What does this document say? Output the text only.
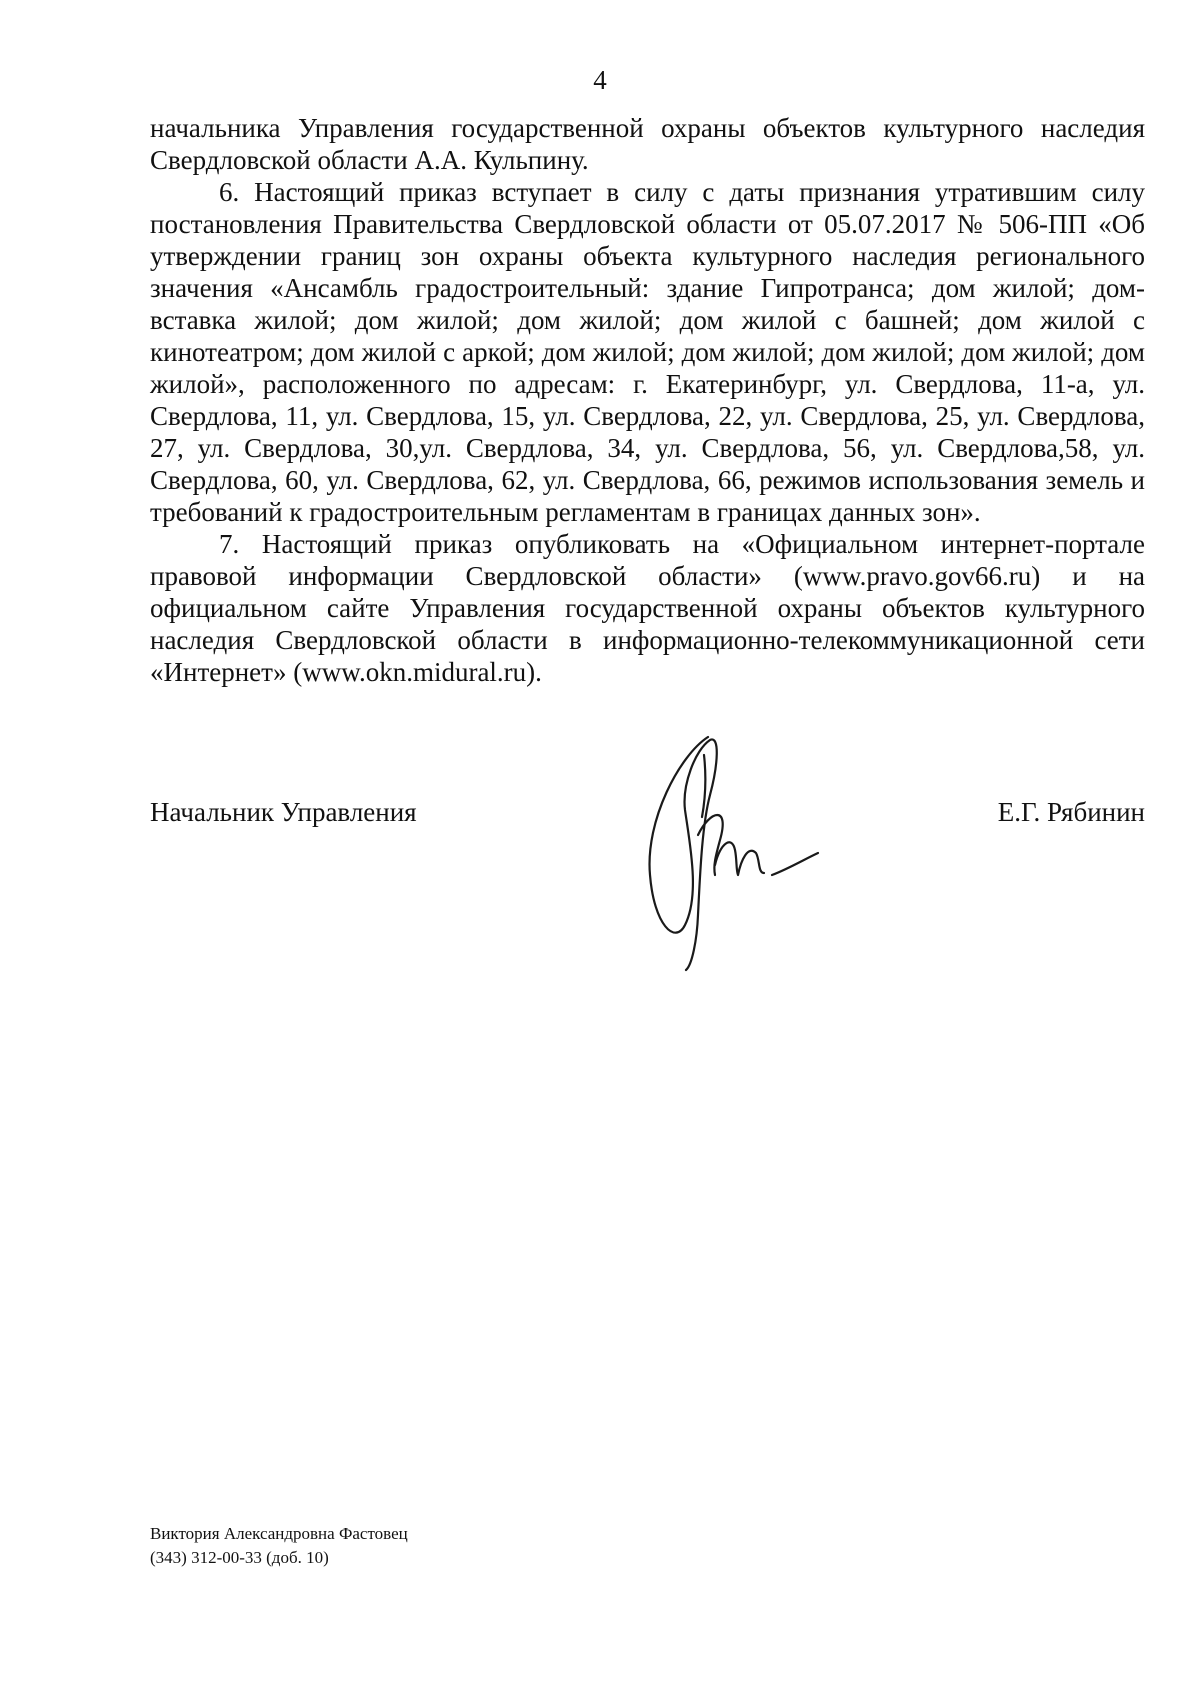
4

начальника Управления государственной охраны объектов культурного наследия Свердловской области А.А. Кульпину.

6. Настоящий приказ вступает в силу с даты признания утратившим силу постановления Правительства Свердловской области от 05.07.2017 № 506-ПП «Об утверждении границ зон охраны объекта культурного наследия регионального значения «Ансамбль градостроительный: здание Гипротранса; дом жилой; дом-вставка жилой; дом жилой; дом жилой; дом жилой с башней; дом жилой с кинотеатром; дом жилой с аркой; дом жилой; дом жилой; дом жилой; дом жилой; дом жилой», расположенного по адресам: г. Екатеринбург, ул. Свердлова, 11-а, ул. Свердлова, 11, ул. Свердлова, 15, ул. Свердлова, 22, ул. Свердлова, 25, ул. Свердлова, 27, ул. Свердлова, 30,ул. Свердлова, 34, ул. Свердлова, 56, ул. Свердлова,58, ул. Свердлова, 60, ул. Свердлова, 62, ул. Свердлова, 66, режимов использования земель и требований к градостроительным регламентам в границах данных зон».

7. Настоящий приказ опубликовать на «Официальном интернет-портале правовой информации Свердловской области» (www.pravo.gov66.ru) и на официальном сайте Управления государственной охраны объектов культурного наследия Свердловской области в информационно-телекоммуникационной сети «Интернет» (www.okn.midural.ru).

Начальник Управления	Е.Г. Рябинин
Виктория Александровна Фастовец
(343) 312-00-33 (доб. 10)
